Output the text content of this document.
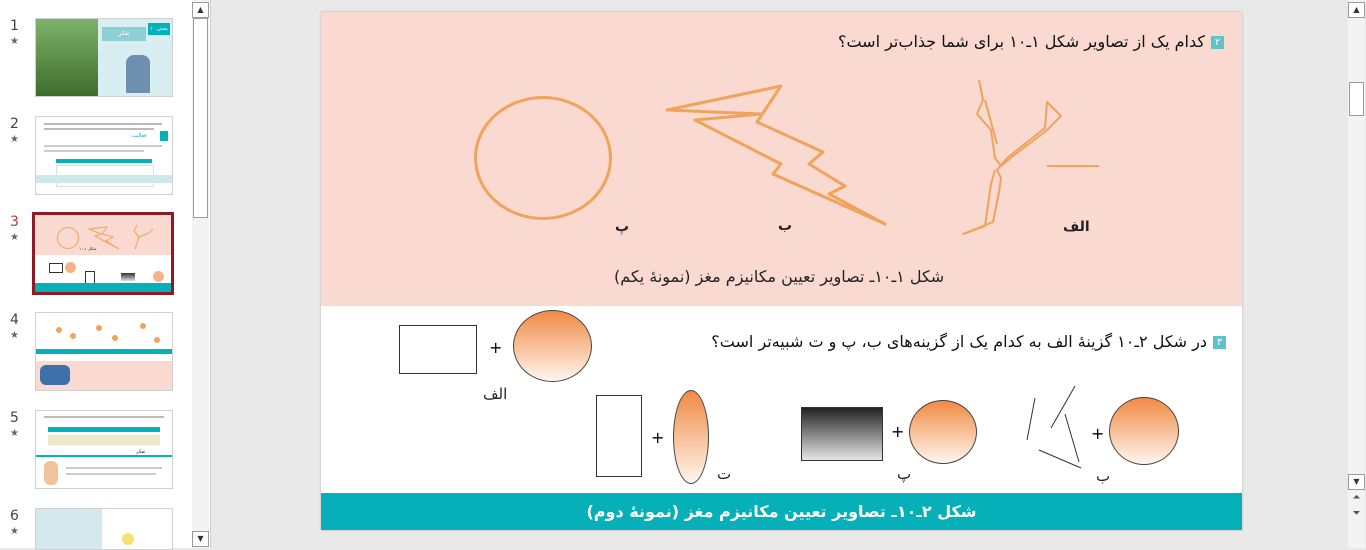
1
★
نفکر
بخش ۱۰
2
★	فعالیت
3
★
شکل ۱ـ۱۰
4
★
5
★
تفکر
6
★
▲
▼
۲کدام یک از تصاویر شکل ۱ـ۱۰ برای شما جذاب‌تر است؟
پ	ب	الف
شکل ۱ـ۱۰ـ تصاویر تعیین مکانیزم مغز (نمونهٔ یکم)
۳در شکل ۲ـ۱۰ گزینهٔ الف به کدام یک از گزینه‌های ب، پ و ت شبیه‌تر است؟
+
الف
+
ت
+
پ
+
ب
شکل ۲ـ۱۰ـ تصاویر تعیین مکانیزم مغز (نمونهٔ دوم)
▲
▼
⏶
⏷
